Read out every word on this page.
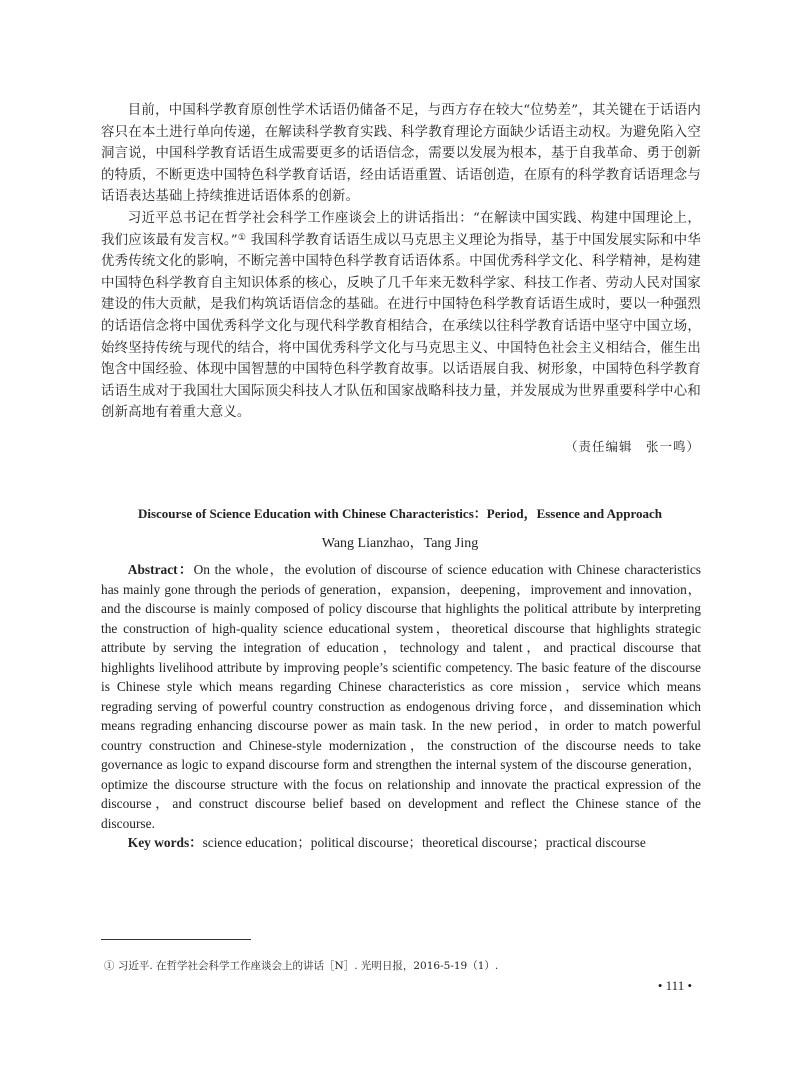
目前，中国科学教育原创性学术话语仍储备不足，与西方存在较大“位势差”，其关键在于话语内容只在本土进行单向传递，在解读科学教育实践、科学教育理论方面缺少话语主动权。为避免陷入空洞言说，中国科学教育话语生成需要更多的话语信念，需要以发展为根本，基于自我革命、勇于创新的特质，不断更迭中国特色科学教育话语，经由话语重置、话语创造，在原有的科学教育话语理念与话语表达基础上持续推进话语体系的创新。

习近平总书记在哲学社会科学工作座谈会上的讲话指出：“在解读中国实践、构建中国理论上，我们应该最有发言权。”① 我国科学教育话语生成以马克思主义理论为指导，基于中国发展实际和中华优秀传统文化的影响，不断完善中国特色科学教育话语体系。中国优秀科学文化、科学精神，是构建中国特色科学教育自主知识体系的核心，反映了几千年来无数科学家、科技工作者、劳动人民对国家建设的伟大贡献，是我们构筑话语信念的基础。在进行中国特色科学教育话语生成时，要以一种强烈的话语信念将中国优秀科学文化与现代科学教育相结合，在承续以往科学教育话语中坚守中国立场，始终坚持传统与现代的结合，将中国优秀科学文化与马克思主义、中国特色社会主义相结合，催生出饱含中国经验、体现中国智慧的中国特色科学教育故事。以话语展自我、树形象，中国特色科学教育话语生成对于我国壮大国际顶尖科技人才队伍和国家战略科技力量，并发展成为世界重要科学中心和创新高地有着重大意义。

（责任编辑　张一鸣）
Discourse of Science Education with Chinese Characteristics：Period，Essence and Approach
Wang Lianzhao，Tang Jing

Abstract：On the whole，the evolution of discourse of science education with Chinese characteristics has mainly gone through the periods of generation，expansion，deepening，improvement and innovation，and the discourse is mainly composed of policy discourse that highlights the political attribute by interpreting the construction of high-quality science educational system，theoretical discourse that highlights strategic attribute by serving the integration of education，technology and talent，and practical discourse that highlights livelihood attribute by improving people’s scientific competency. The basic feature of the discourse is Chinese style which means regarding Chinese characteristics as core mission，service which means regrading serving of powerful country construction as endogenous driving force，and dissemination which means regrading enhancing discourse power as main task. In the new period，in order to match powerful country construction and Chinese-style modernization，the construction of the discourse needs to take governance as logic to expand discourse form and strengthen the internal system of the discourse generation，optimize the discourse structure with the focus on relationship and innovate the practical expression of the discourse，and construct discourse belief based on development and reflect the Chinese stance of the discourse.

Key words：science education；political discourse；theoretical discourse；practical discourse

① 习近平. 在哲学社会科学工作座谈会上的讲话［N］. 光明日报，2016-5-19（1）.
• 111 •
